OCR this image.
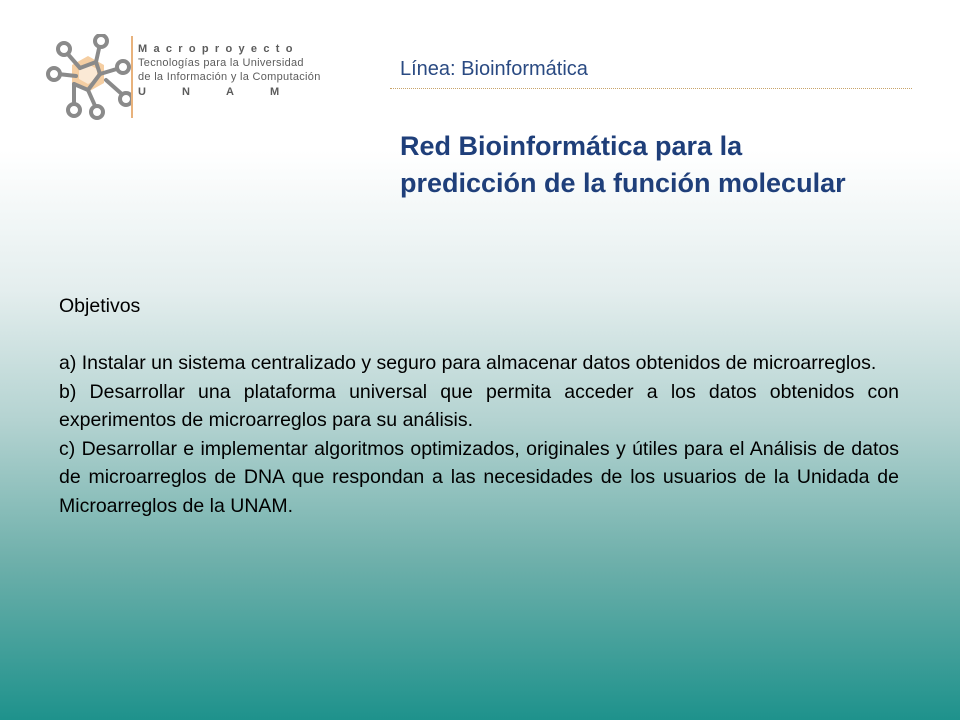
Macroproyecto
Tecnologías para la Universidad
de la Información y la Computación
U	N	A	M
Línea: Bioinformática
Red Bioinformática para la predicción de la función molecular

Objetivos

a) Instalar un sistema centralizado y seguro para almacenar datos obtenidos de microarreglos.

b) Desarrollar una plataforma universal que permita acceder a los datos obtenidos con experimentos de microarreglos para su análisis.

c) Desarrollar e implementar algoritmos optimizados, originales y útiles para el Análisis de datos de microarreglos de DNA que respondan a las necesidades de los usuarios de la Unidada de Microarreglos de la UNAM.
